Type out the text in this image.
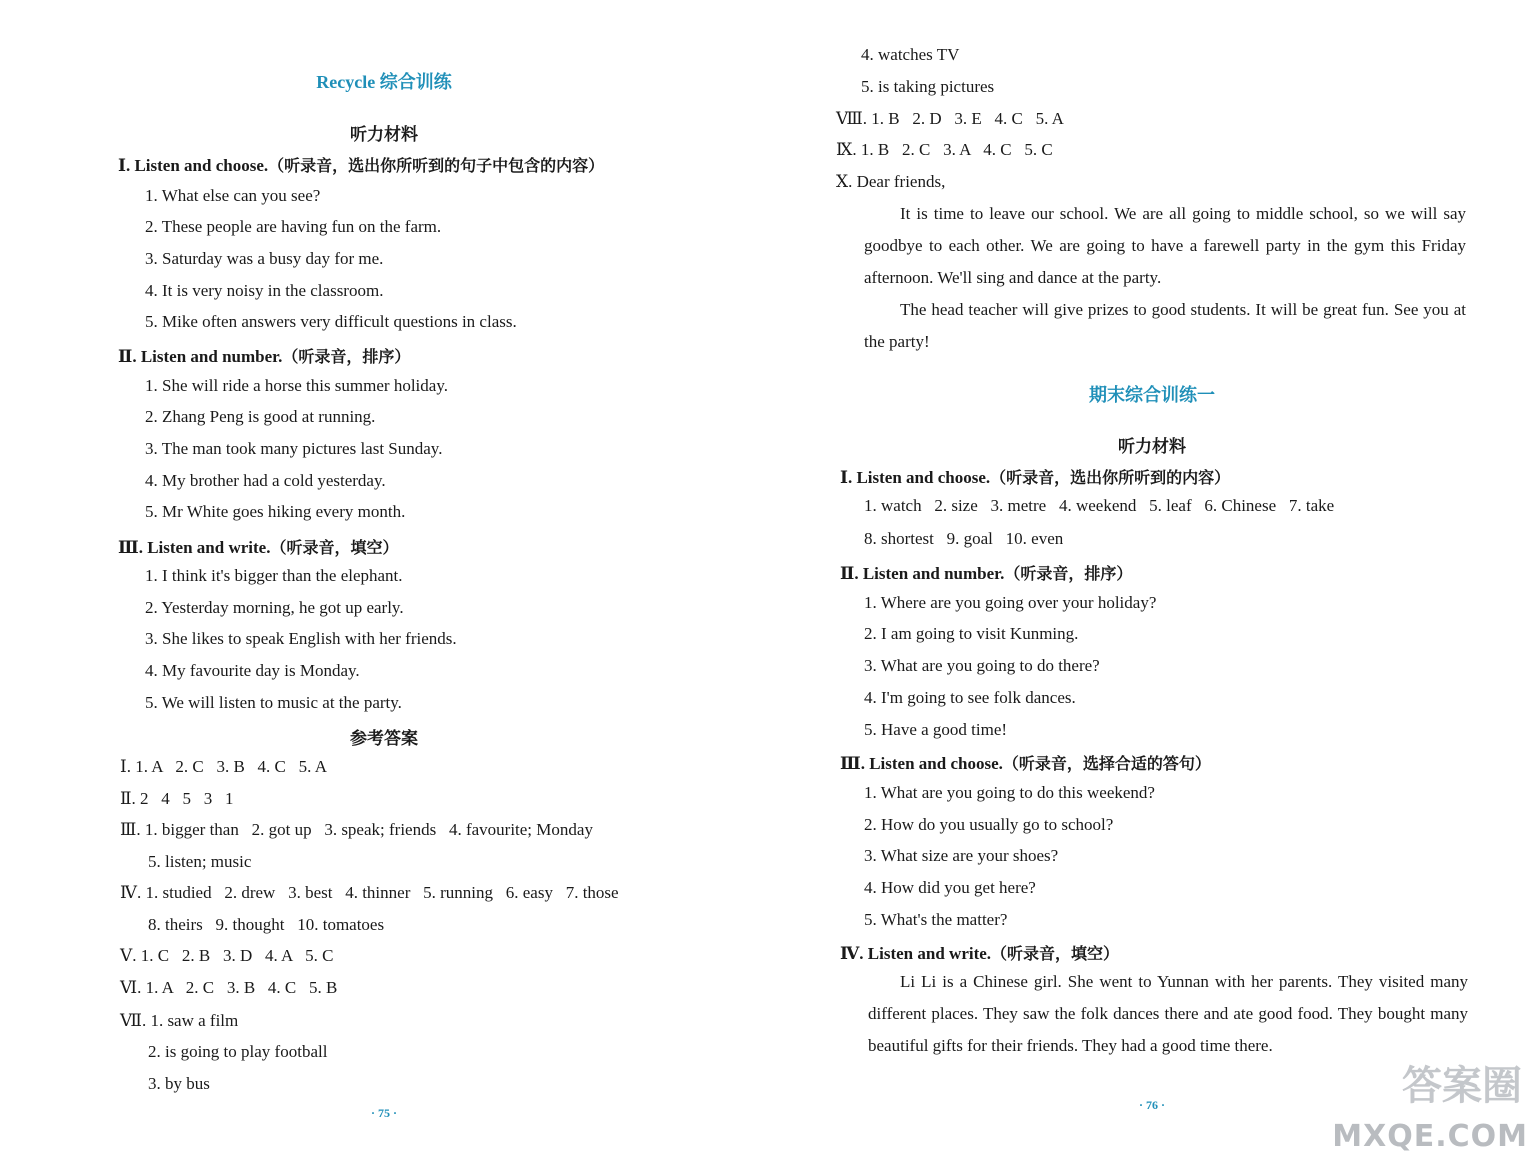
Recycle 综合训练
听力材料
Ⅰ. Listen and choose.（听录音，选出你所听到的句子中包含的内容）
1. What else can you see?
2. These people are having fun on the farm.
3. Saturday was a busy day for me.
4. It is very noisy in the classroom.
5. Mike often answers very difficult questions in class.
Ⅱ. Listen and number.（听录音，排序）
1. She will ride a horse this summer holiday.
2. Zhang Peng is good at running.
3. The man took many pictures last Sunday.
4. My brother had a cold yesterday.
5. Mr White goes hiking every month.
Ⅲ. Listen and write.（听录音，填空）
1. I think it's bigger than the elephant.
2. Yesterday morning, he got up early.
3. She likes to speak English with her friends.
4. My favourite day is Monday.
5. We will listen to music at the party.
参考答案
Ⅰ. 1. A   2. C   3. B   4. C   5. A
Ⅱ. 2   4   5   3   1
Ⅲ. 1. bigger than   2. got up   3. speak; friends   4. favourite; Monday
5. listen; music
Ⅳ. 1. studied   2. drew   3. best   4. thinner   5. running   6. easy   7. those
8. theirs   9. thought   10. tomatoes
Ⅴ. 1. C   2. B   3. D   4. A   5. C
Ⅵ. 1. A   2. C   3. B   4. C   5. B
Ⅶ. 1. saw a film
2. is going to play football
3. by bus
· 75 ·
4. watches TV
5. is taking pictures
Ⅷ. 1. B   2. D   3. E   4. C   5. A
Ⅸ. 1. B   2. C   3. A   4. C   5. C
Ⅹ. Dear friends,
It is time to leave our school. We are all going to middle school, so we will say goodbye to each other. We are going to have a farewell party in the gym this Friday afternoon. We'll sing and dance at the party.
The head teacher will give prizes to good students. It will be great fun. See you at the party!
期末综合训练一
听力材料
Ⅰ. Listen and choose.（听录音，选出你所听到的内容）
1. watch   2. size   3. metre   4. weekend   5. leaf   6. Chinese   7. take
8. shortest   9. goal   10. even
Ⅱ. Listen and number.（听录音，排序）
1. Where are you going over your holiday?
2. I am going to visit Kunming.
3. What are you going to do there?
4. I'm going to see folk dances.
5. Have a good time!
Ⅲ. Listen and choose.（听录音，选择合适的答句）
1. What are you going to do this weekend?
2. How do you usually go to school?
3. What size are your shoes?
4. How did you get here?
5. What's the matter?
Ⅳ. Listen and write.（听录音，填空）
Li Li is a Chinese girl. She went to Yunnan with her parents. They visited many different places. They saw the folk dances there and ate good food. They bought many beautiful gifts for their friends. They had a good time there.
· 76 ·	答案圈
MXQE.COM
